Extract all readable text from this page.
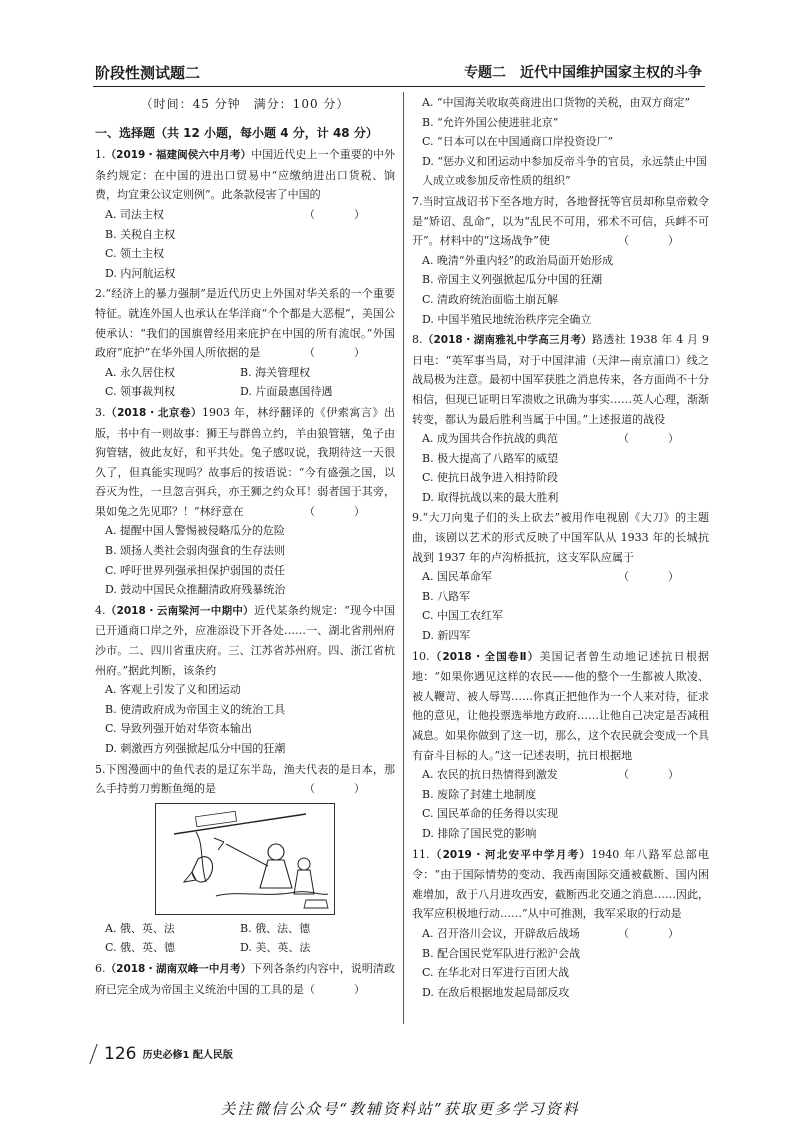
阶段性测试题二	专题二　近代中国维护国家主权的斗争
（时间：45 分钟　满分：100 分）
一、选择题（共 12 小题，每小题 4 分，计 48 分）
1.（2019・福建闽侯六中月考）中国近代史上一个重要的中外条约规定：在中国的进出口贸易中“应缴纳进出口货税、饷费，均宜秉公议定则例”。此条款侵害了中国的
（　）
A. 司法主权
B. 关税自主权
C. 领土主权
D. 内河航运权
2.“经济上的暴力强制”是近代历史上外国对华关系的一个重要特征。就连外国人也承认在华洋商“个个都是大恶棍”，美国公使承认：“我们的国旗曾经用来庇护在中国的所有流氓。”外国政府“庇护”在华外国人所依据的是	（　）
A. 永久居住权	B. 海关管理权
C. 领事裁判权	D. 片面最惠国待遇
3.（2018・北京卷）1903 年，林纾翻译的《伊索寓言》出版，书中有一则故事：狮王与群兽立约，羊由狼管辖，兔子由狗管辖，彼此友好，和平共处。兔子感叹说，我期待这一天很久了，但真能实现吗？故事后的按语说：“今有盛强之国，以吞灭为性，一旦忽言弭兵，亦王狮之约众耳！弱者国于其旁，果如兔之先见耶？！”林纾意在	（　）
A. 提醒中国人警惕被侵略瓜分的危险
B. 颂扬人类社会弱肉强食的生存法则
C. 呼吁世界列强承担保护弱国的责任
D. 鼓动中国民众推翻清政府残暴统治
4.（2018・云南梁河一中期中）近代某条约规定：“现今中国已开通商口岸之外，应准添设下开各处……一、湖北省荆州府沙市。二、四川省重庆府。三、江苏省苏州府。四、浙江省杭州府。”据此判断，该条约
A. 客观上引发了义和团运动
B. 使清政府成为帝国主义的统治工具
C. 导致列强开始对华资本输出
D. 刺激西方列强掀起瓜分中国的狂潮
5.下图漫画中的鱼代表的是辽东半岛，渔夫代表的是日本，那么手持剪刀剪断鱼绳的是	（　）
A. 俄、英、法	B. 俄、法、德
C. 俄、英、德	D. 美、英、法
6.（2018・湖南双峰一中月考）下列各条约内容中，说明清政府已完全成为帝国主义统治中国的工具的是 （　）
A. “中国海关收取英商进出口货物的关税，由双方商定”
B. “允许外国公使进驻北京”
C. “日本可以在中国通商口岸投资设厂”
D. “惩办义和团运动中参加反帝斗争的官员，永远禁止中国人成立或参加反帝性质的组织”
7.当时宣战诏书下至各地方时，各地督抚等官员却称皇帝敕令是“矫诏、乱命”，以为“乱民不可用，邪术不可信，兵衅不可开”。材料中的“这场战争”使	（　）
A. 晚清“外重内轻”的政治局面开始形成
B. 帝国主义列强掀起瓜分中国的狂潮
C. 清政府统治面临土崩瓦解
D. 中国半殖民地统治秩序完全确立
8.（2018・湖南雅礼中学高三月考）路透社 1938 年 4 月 9 日电：“英军事当局，对于中国津浦（天津—南京浦口）线之战局极为注意。最初中国军获胜之消息传来，各方面尚不十分相信，但现已证明日军溃败之讯确为事实……英人心理，渐渐转变，都认为最后胜利当属于中国。”上述报道的战役
（　）
A. 成为国共合作抗战的典范
B. 极大提高了八路军的威望
C. 使抗日战争进入相持阶段
D. 取得抗战以来的最大胜利
9.“大刀向鬼子们的头上砍去”被用作电视剧《大刀》的主题曲，该剧以艺术的形式反映了中国军队从 1933 年的长城抗战到 1937 年的卢沟桥抵抗，这支军队应属于
（　）
A. 国民革命军
B. 八路军
C. 中国工农红军
D. 新四军
10.（2018・全国卷Ⅱ）美国记者曾生动地记述抗日根据地：“如果你遇见这样的农民——他的整个一生都被人欺凌、被人鞭苛、被人辱骂……你真正把他作为一个人来对待，征求他的意见，让他投票选举地方政府……让他自己决定是否减租减息。如果你做到了这一切，那么，这个农民就会变成一个具有奋斗目标的人。”这一记述表明，抗日根据地
（　）
A. 农民的抗日热情得到激发
B. 废除了封建土地制度
C. 国民革命的任务得以实现
D. 排除了国民党的影响
11.（2019・河北安平中学月考）1940 年八路军总部电令：“由于国际情势的变动、我西南国际交通被截断、国内困难增加，敌于八月进攻西安，截断西北交通之消息……因此，我军应积极地行动……”从中可推测，我军采取的行动是
（　）
A. 召开洛川会议，开辟敌后战场
B. 配合国民党军队进行淞沪会战
C. 在华北对日军进行百团大战
D. 在敌后根据地发起局部反攻
126 历史必修1 配人民版
关注微信公众号“教辅资料站”获取更多学习资料
